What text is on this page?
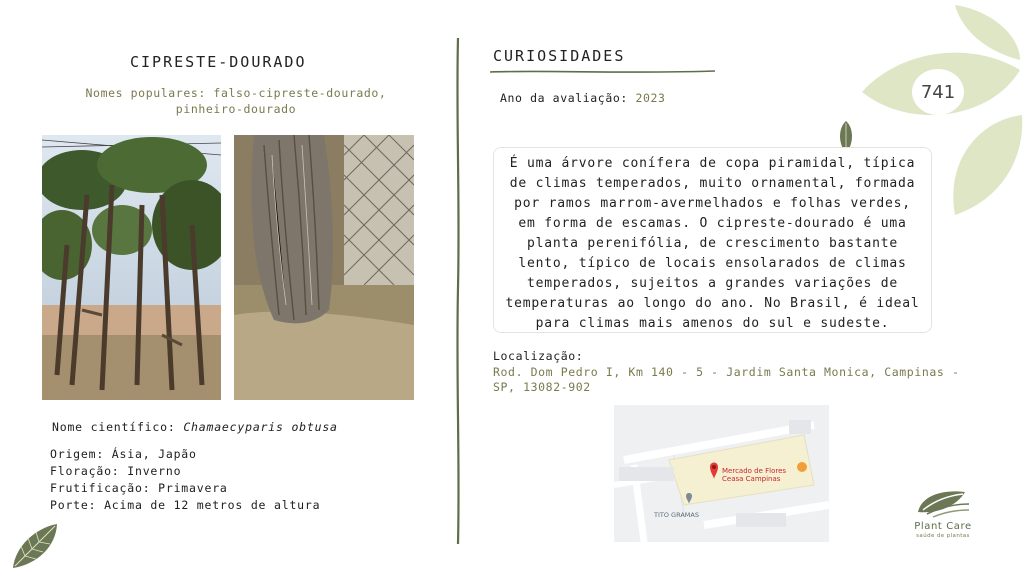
741
CIPRESTE-DOURADO
Nomes populares: falso-cipreste-dourado, pinheiro-dourado
Nome científico: Chamaecyparis obtusa
Origem: Ásia, Japão
Floração: Inverno
Frutificação: Primavera
Porte: Acima de 12 metros de altura
CURIOSIDADES
Ano da avaliação: 2023

É uma árvore conífera de copa piramidal, típica de climas temperados, muito ornamental, formada por ramos marrom-avermelhados e folhas verdes, em forma de escamas. O cipreste-dourado é uma planta perenifólia, de crescimento bastante lento, típico de locais ensolarados de climas temperados, sujeitos a grandes variações de temperaturas ao longo do ano. No Brasil, é ideal para climas mais amenos do sul e sudeste.

Localização:
Rod. Dom Pedro I, Km 140 - 5 - Jardim Santa Monica, Campinas - SP, 13082-902
Mercado de Flores
Ceasa Campinas
TITO GRAMAS
Plant Care
saúde de plantas
